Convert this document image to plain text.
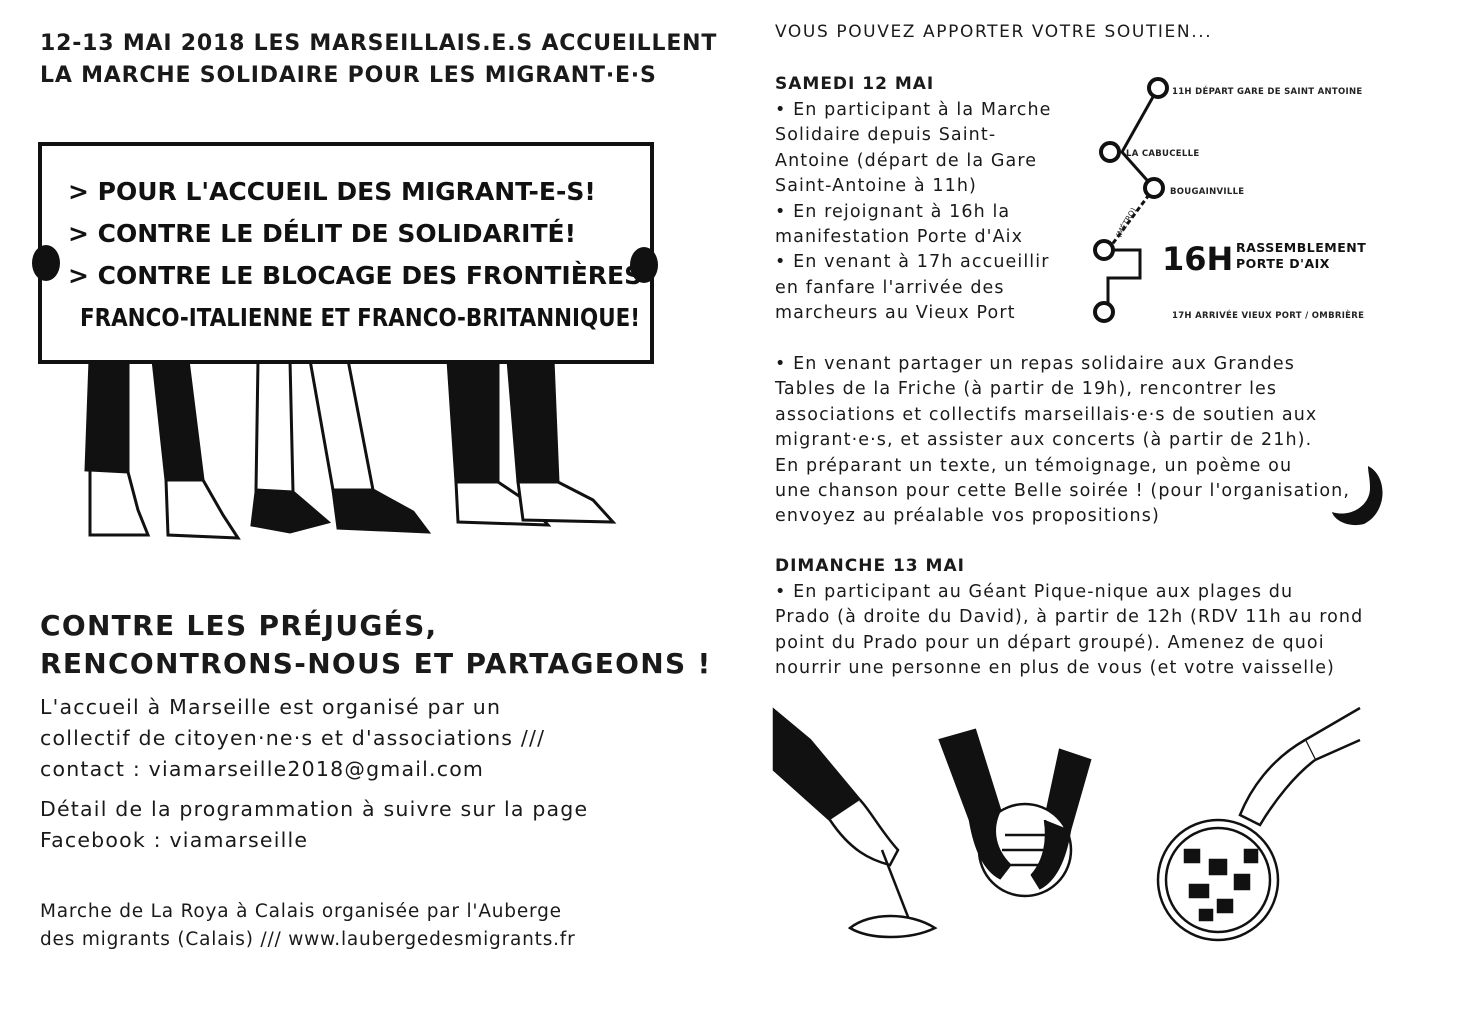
12-13 MAI 2018 LES MARSEILLAIS.E.S ACCUEILLENT
LA MARCHE SOLIDAIRE POUR LES MIGRANT·E·S
> POUR L'ACCUEIL DES MIGRANT-E-S!
> CONTRE LE DÉLIT DE SOLIDARITÉ!
> CONTRE LE BLOCAGE DES FRONTIÈRES
FRANCO-ITALIENNE ET FRANCO-BRITANNIQUE!
CONTRE LES PRÉJUGÉS,
RENCONTRONS-NOUS ET PARTAGEONS !
L'accueil à Marseille est organisé par un
collectif de citoyen·ne·s et d'associations ///
contact : viamarseille2018@gmail.com
Détail de la programmation à suivre sur la page
Facebook : viamarseille
Marche de La Roya à Calais organisée par l'Auberge
des migrants (Calais) /// www.laubergedesmigrants.fr
VOUS POUVEZ APPORTER VOTRE SOUTIEN...
SAMEDI 12 MAI
• En participant à la Marche
Solidaire depuis Saint-
Antoine (départ de la Gare
Saint-Antoine à 11h)
• En rejoignant à 16h la
manifestation Porte d'Aix
• En venant à 17h accueillir
en fanfare l'arrivée des
marcheurs au Vieux Port
11H DÉPART GARE DE SAINT ANTOINE
LA CABUCELLE
BOUGAINVILLE
(MÉTRO)
16H RASSEMBLEMENT
PORTE D'AIX
17H ARRIVÉE VIEUX PORT / OMBRIÈRE
• En venant partager un repas solidaire aux Grandes
Tables de la Friche (à partir de 19h), rencontrer les
associations et collectifs marseillais·e·s de soutien aux
migrant·e·s, et assister aux concerts (à partir de 21h).
En préparant un texte, un témoignage, un poème ou
une chanson pour cette Belle soirée ! (pour l'organisation,
envoyez au préalable vos propositions)
DIMANCHE 13 MAI
• En participant au Géant Pique-nique aux plages du
Prado (à droite du David), à partir de 12h (RDV 11h au rond
point du Prado pour un départ groupé). Amenez de quoi
nourrir une personne en plus de vous (et votre vaisselle)
